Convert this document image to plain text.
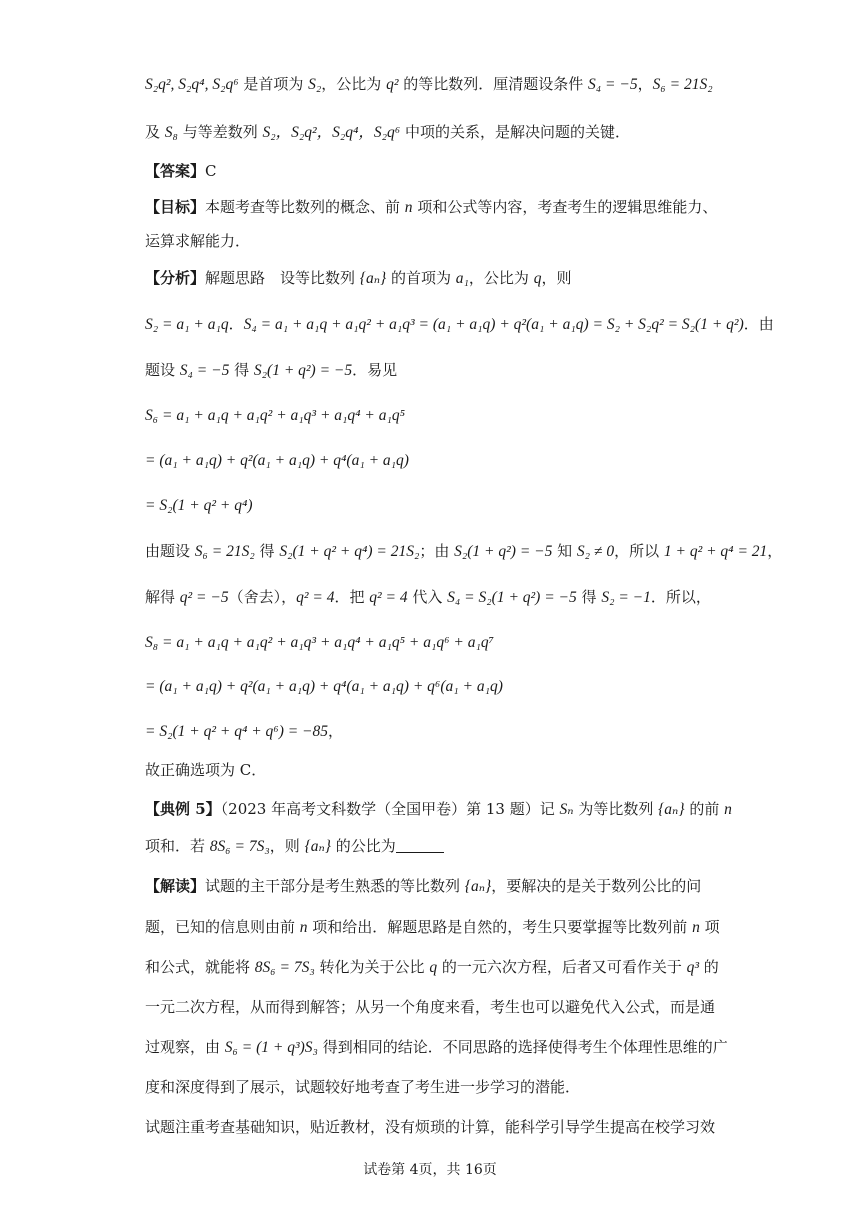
S₂q², S₂q⁴, S₂q⁶ 是首项为 S₂，公比为 q² 的等比数列．厘清题设条件 S₄ = −5，S₆ = 21S₂
及 S₈ 与等差数列 S₂，S₂q²，S₂q⁴，S₂q⁶ 中项的关系，是解决问题的关键．
【答案】C
【目标】本题考查等比数列的概念、前 n 项和公式等内容，考查考生的逻辑思维能力、
运算求解能力．
【分析】解题思路　设等比数列 {aₙ} 的首项为 a₁，公比为 q，则
S₂ = a₁ + a₁q．S₄ = a₁ + a₁q + a₁q² + a₁q³ = (a₁ + a₁q) + q²(a₁ + a₁q) = S₂ + S₂q² = S₂(1 + q²)．由
题设 S₄ = −5 得 S₂(1 + q²) = −5．易见
S₆ = a₁ + a₁q + a₁q² + a₁q³ + a₁q⁴ + a₁q⁵
= (a₁ + a₁q) + q²(a₁ + a₁q) + q⁴(a₁ + a₁q)
= S₂(1 + q² + q⁴)
由题设 S₆ = 21S₂ 得 S₂(1 + q² + q⁴) = 21S₂；由 S₂(1 + q²) = −5 知 S₂ ≠ 0，所以 1 + q² + q⁴ = 21，
解得 q² = −5（舍去），q² = 4．把 q² = 4 代入 S₄ = S₂(1 + q²) = −5 得 S₂ = −1．所以，
S₈ = a₁ + a₁q + a₁q² + a₁q³ + a₁q⁴ + a₁q⁵ + a₁q⁶ + a₁q⁷
= (a₁ + a₁q) + q²(a₁ + a₁q) + q⁴(a₁ + a₁q) + q⁶(a₁ + a₁q)
= S₂(1 + q² + q⁴ + q⁶) = −85，
故正确选项为 C．
【典例 5】（2023 年高考文科数学（全国甲卷）第 13 题）记 Sₙ 为等比数列 {aₙ} 的前 n
项和．若 8S₆ = 7S₃，则 {aₙ} 的公比为
【解读】试题的主干部分是考生熟悉的等比数列 {aₙ}，要解决的是关于数列公比的问
题，已知的信息则由前 n 项和给出．解题思路是自然的，考生只要掌握等比数列前 n 项
和公式，就能将 8S₆ = 7S₃ 转化为关于公比 q 的一元六次方程，后者又可看作关于 q³ 的
一元二次方程，从而得到解答；从另一个角度来看，考生也可以避免代入公式，而是通
过观察，由 S₆ = (1 + q³)S₃ 得到相同的结论．不同思路的选择使得考生个体理性思维的广
度和深度得到了展示，试题较好地考查了考生进一步学习的潜能．
试题注重考查基础知识，贴近教材，没有烦琐的计算，能科学引导学生提高在校学习效
试卷第 4页，共 16页
